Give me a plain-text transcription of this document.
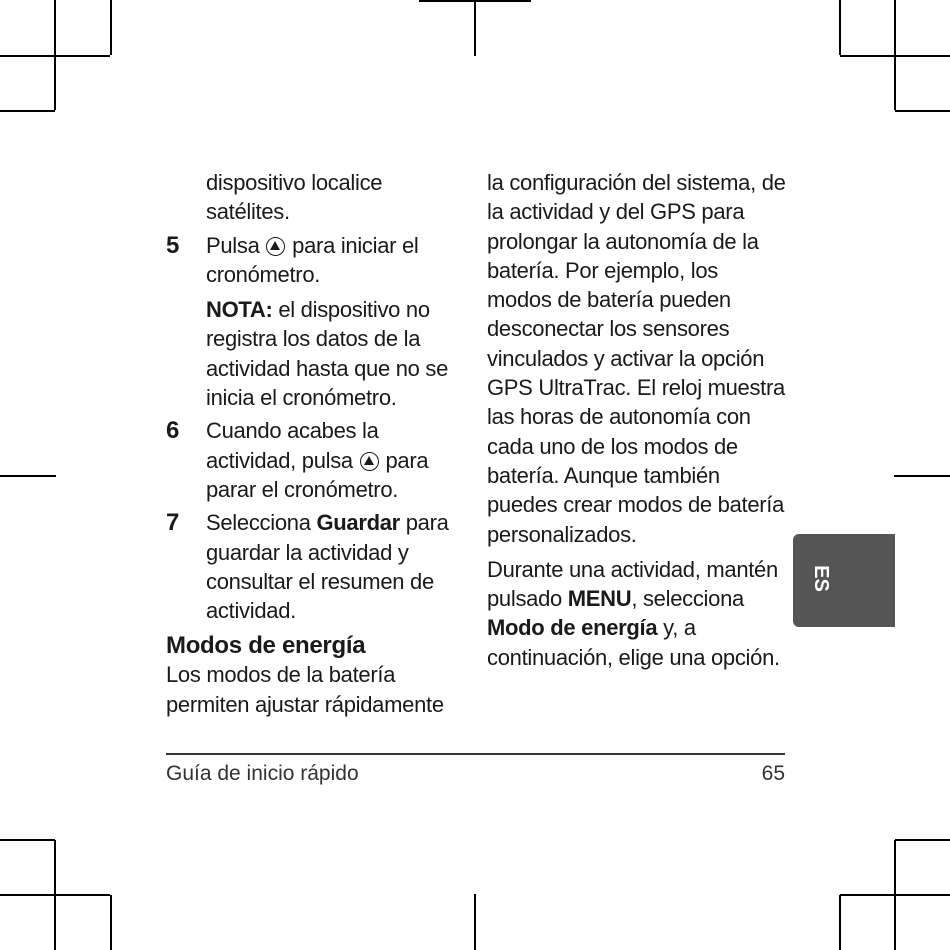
dispositivo localice satélites.
5 Pulsa para iniciar el cronómetro.
NOTA: el dispositivo no registra los datos de la actividad hasta que no se inicia el cronómetro.
6 Cuando acabes la actividad, pulsa para parar el cronómetro.
7 Selecciona Guardar para guardar la actividad y consultar el resumen de actividad.
Modos de energía
Los modos de la batería permiten ajustar rápidamente
la configuración del sistema, de la actividad y del GPS para prolongar la autonomía de la batería. Por ejemplo, los modos de batería pueden desconectar los sensores vinculados y activar la opción GPS UltraTrac. El reloj muestra las horas de autonomía con cada uno de los modos de batería. Aunque también puedes crear modos de batería personalizados.
Durante una actividad, mantén pulsado MENU, selecciona Modo de energía y, a continuación, elige una opción.
ES
Guía de inicio rápido	65
